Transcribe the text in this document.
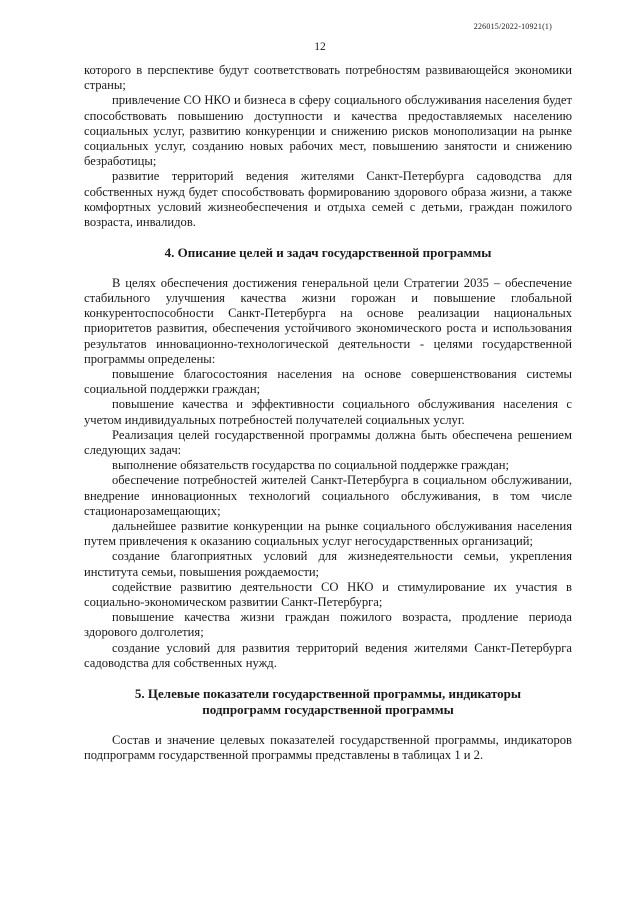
226015/2022-10921(1)
12

которого в перспективе будут соответствовать потребностям развивающейся экономики страны;

привлечение СО НКО и бизнеса в сферу социального обслуживания населения будет способствовать повышению доступности и качества предоставляемых населению социальных услуг, развитию конкуренции и снижению рисков монополизации на рынке социальных услуг, созданию новых рабочих мест, повышению занятости и снижению безработицы;

развитие территорий ведения жителями Санкт-Петербурга садоводства для собственных нужд будет способствовать формированию здорового образа жизни, а также комфортных условий жизнеобеспечения и отдыха семей с детьми, граждан пожилого возраста, инвалидов.

4. Описание целей и задач государственной программы

В целях обеспечения достижения генеральной цели Стратегии 2035 – обеспечение стабильного улучшения качества жизни горожан и повышение глобальной конкурентоспособности Санкт-Петербурга на основе реализации национальных приоритетов развития, обеспечения устойчивого экономического роста и использования результатов инновационно-технологической деятельности - целями государственной программы определены:

повышение благосостояния населения на основе совершенствования системы социальной поддержки граждан;

повышение качества и эффективности социального обслуживания населения с учетом индивидуальных потребностей получателей социальных услуг.

Реализация целей государственной программы должна быть обеспечена решением следующих задач:

выполнение обязательств государства по социальной поддержке граждан;

обеспечение потребностей жителей Санкт-Петербурга в социальном обслуживании, внедрение инновационных технологий социального обслуживания, в том числе стационарозамещающих;

дальнейшее развитие конкуренции на рынке социального обслуживания населения путем привлечения к оказанию социальных услуг негосударственных организаций;

создание благоприятных условий для жизнедеятельности семьи, укрепления института семьи, повышения рождаемости;

содействие развитию деятельности СО НКО и стимулирование их участия в социально-экономическом развитии Санкт-Петербурга;

повышение качества жизни граждан пожилого возраста, продление периода здорового долголетия;

создание условий для развития территорий ведения жителями Санкт-Петербурга садоводства для собственных нужд.

5. Целевые показатели государственной программы, индикаторы
подпрограмм государственной программы

Состав и значение целевых показателей государственной программы, индикаторов подпрограмм государственной программы представлены в таблицах 1 и 2.
